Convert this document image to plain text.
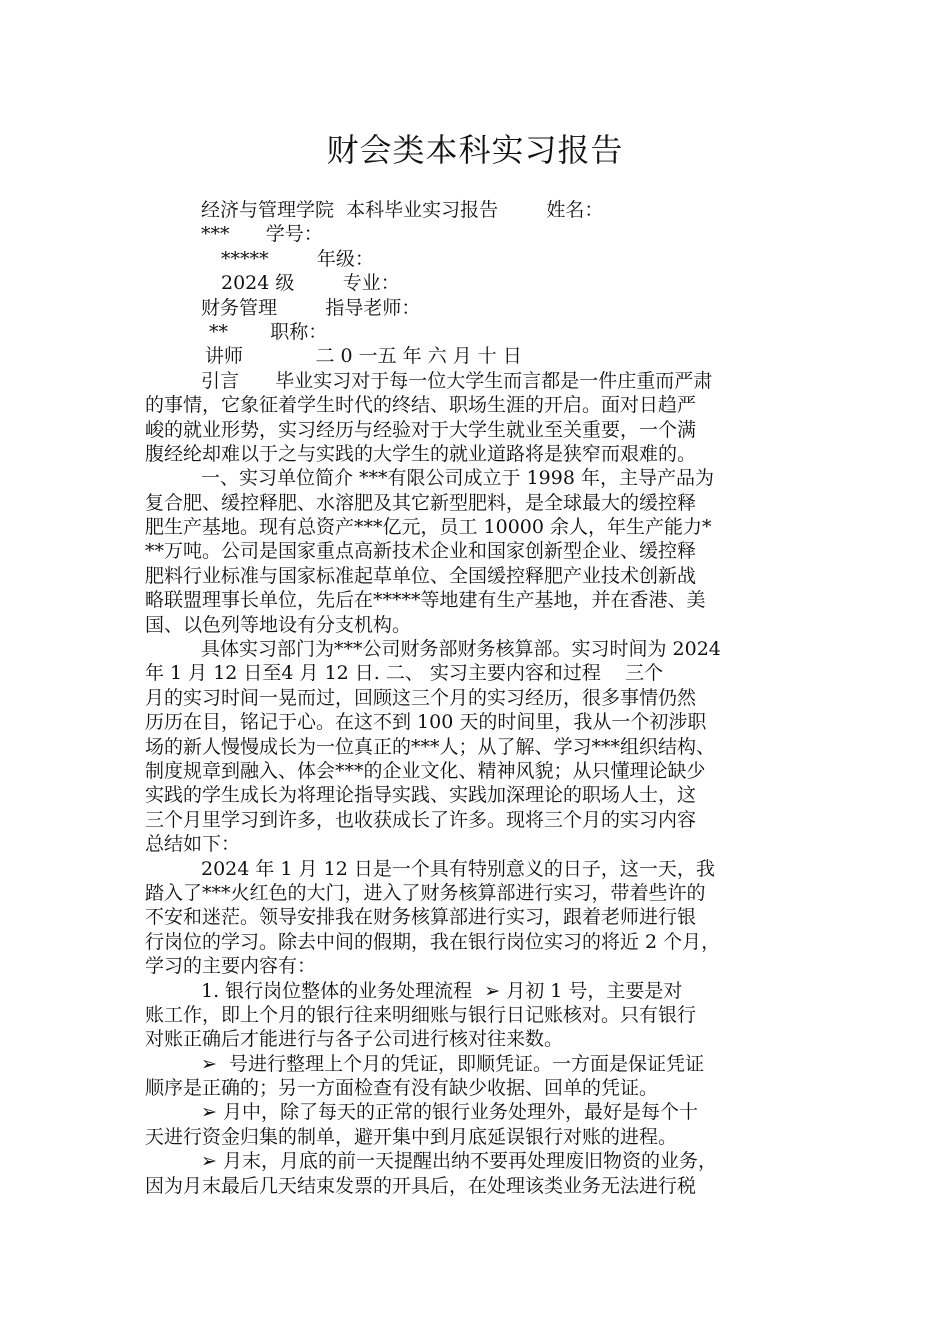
财会类本科实习报告
经济与管理学院  本科毕业实习报告        姓名：
***      学号：
*****        年级：
2024 级        专业：
财务管理        指导老师：
**       职称：
讲师            二 0 一五 年 六 月 十 日
引言      毕业实习对于每一位大学生而言都是一件庄重而严肃
的事情，它象征着学生时代的终结、职场生涯的开启。面对日趋严
峻的就业形势，实习经历与经验对于大学生就业至关重要，一个满
腹经纶却难以于之与实践的大学生的就业道路将是狭窄而艰难的。
一、实习单位简介 ***有限公司成立于 1998 年，主导产品为
复合肥、缓控释肥、水溶肥及其它新型肥料，是全球最大的缓控释
肥生产基地。现有总资产***亿元，员工 10000 余人，年生产能力*
**万吨。公司是国家重点高新技术企业和国家创新型企业、缓控释
肥料行业标准与国家标准起草单位、全国缓控释肥产业技术创新战
略联盟理事长单位，先后在*****等地建有生产基地，并在香港、美
国、以色列等地设有分支机构。
具体实习部门为***公司财务部财务核算部。实习时间为 2024
年 1 月 12 日至4 月 12 日. 二、 实习主要内容和过程    三个
月的实习时间一晃而过，回顾这三个月的实习经历，很多事情仍然
历历在目，铭记于心。在这不到 100 天的时间里，我从一个初涉职
场的新人慢慢成长为一位真正的***人；从了解、学习***组织结构、
制度规章到融入、体会***的企业文化、精神风貌；从只懂理论缺少
实践的学生成长为将理论指导实践、实践加深理论的职场人士，这
三个月里学习到许多，也收获成长了许多。现将三个月的实习内容
总结如下：
2024 年 1 月 12 日是一个具有特别意义的日子，这一天，我
踏入了***火红色的大门，进入了财务核算部进行实习，带着些许的
不安和迷茫。领导安排我在财务核算部进行实习，跟着老师进行银
行岗位的学习。除去中间的假期，我在银行岗位实习的将近 2 个月，
学习的主要内容有：
1. 银行岗位整体的业务处理流程  ➢ 月初 1 号，主要是对
账工作，即上个月的银行往来明细账与银行日记账核对。只有银行
对账正确后才能进行与各子公司进行核对往来数。
➢  号进行整理上个月的凭证，即顺凭证。一方面是保证凭证
顺序是正确的；另一方面检查有没有缺少收据、回单的凭证。
➢ 月中，除了每天的正常的银行业务处理外，最好是每个十
天进行资金归集的制单，避开集中到月底延误银行对账的进程。
➢ 月末，月底的前一天提醒出纳不要再处理废旧物资的业务，
因为月末最后几天结束发票的开具后，在处理该类业务无法进行税
